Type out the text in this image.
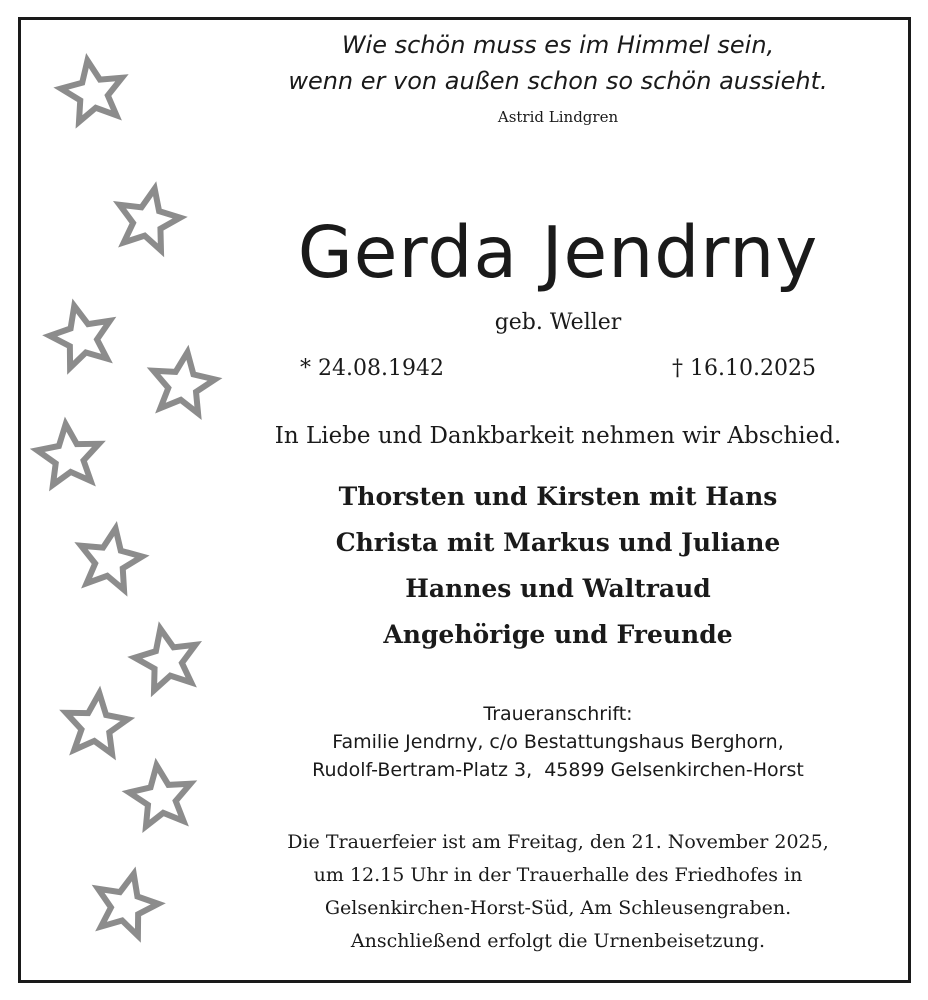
Wie schön muss es im Himmel sein,
wenn er von außen schon so schön aussieht.
Astrid Lindgren
Gerda Jendrny
geb. Weller
* 24.08.1942	† 16.10.2025
In Liebe und Dankbarkeit nehmen wir Abschied.
Thorsten und Kirsten mit Hans
Christa mit Markus und Juliane
Hannes und Waltraud
Angehörige und Freunde
Traueranschrift:
Familie Jendrny, c/o Bestattungshaus Berghorn,
Rudolf-Bertram-Platz 3,  45899 Gelsenkirchen-Horst
Die Trauerfeier ist am Freitag, den 21. November 2025,
um 12.15 Uhr in der Trauerhalle des Friedhofes in
Gelsenkirchen-Horst-Süd, Am Schleusengraben.
Anschließend erfolgt die Urnenbeisetzung.
